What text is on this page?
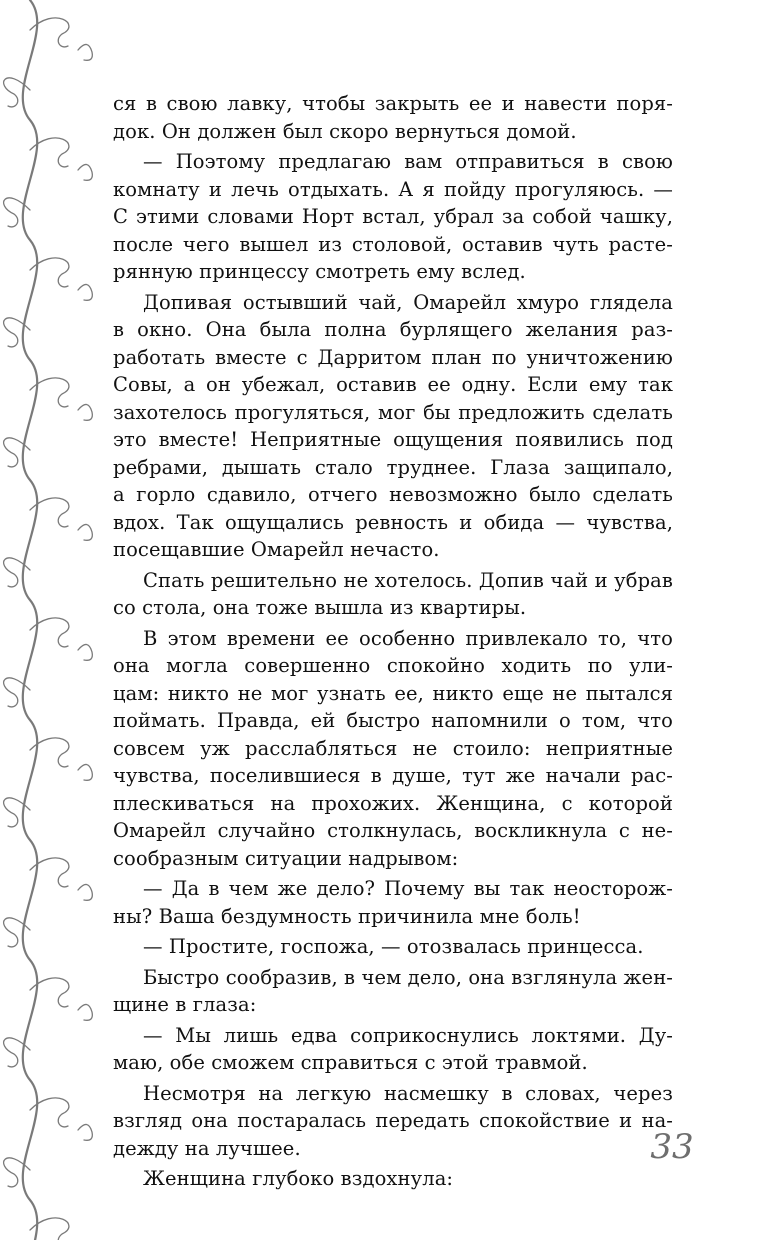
ся в свою лавку, чтобы закрыть ее и навести поря-
док. Он должен был скоро вернуться домой.
— Поэтому предлагаю вам отправиться в свою
комнату и лечь отдыхать. А я пойду прогуляюсь. —
С этими словами Норт встал, убрал за собой чашку,
после чего вышел из столовой, оставив чуть расте-
рянную принцессу смотреть ему вслед.
Допивая остывший чай, Омарейл хмуро глядела
в окно. Она была полна бурлящего желания раз-
работать вместе с Дарритом план по уничтожению
Совы, а он убежал, оставив ее одну. Если ему так
захотелось прогуляться, мог бы предложить сделать
это вместе! Неприятные ощущения появились под
ребрами, дышать стало труднее. Глаза защипало,
а горло сдавило, отчего невозможно было сделать
вдох. Так ощущались ревность и обида — чувства,
посещавшие Омарейл нечасто.
Спать решительно не хотелось. Допив чай и убрав
со стола, она тоже вышла из квартиры.
В этом времени ее особенно привлекало то, что
она могла совершенно спокойно ходить по ули-
цам: никто не мог узнать ее, никто еще не пытался
поймать. Правда, ей быстро напомнили о том, что
совсем уж расслабляться не стоило: неприятные
чувства, поселившиеся в душе, тут же начали рас-
плескиваться на прохожих. Женщина, с которой
Омарейл случайно столкнулась, воскликнула с не-
сообразным ситуации надрывом:
— Да в чем же дело? Почему вы так неосторож-
ны? Ваша бездумность причинила мне боль!
— Простите, госпожа, — отозвалась принцесса.
Быстро сообразив, в чем дело, она взглянула жен-
щине в глаза:
— Мы лишь едва соприкоснулись локтями. Ду-
маю, обе сможем справиться с этой травмой.
Несмотря на легкую насмешку в словах, через
взгляд она постаралась передать спокойствие и на-
дежду на лучшее.
Женщина глубоко вздохнула:
33
